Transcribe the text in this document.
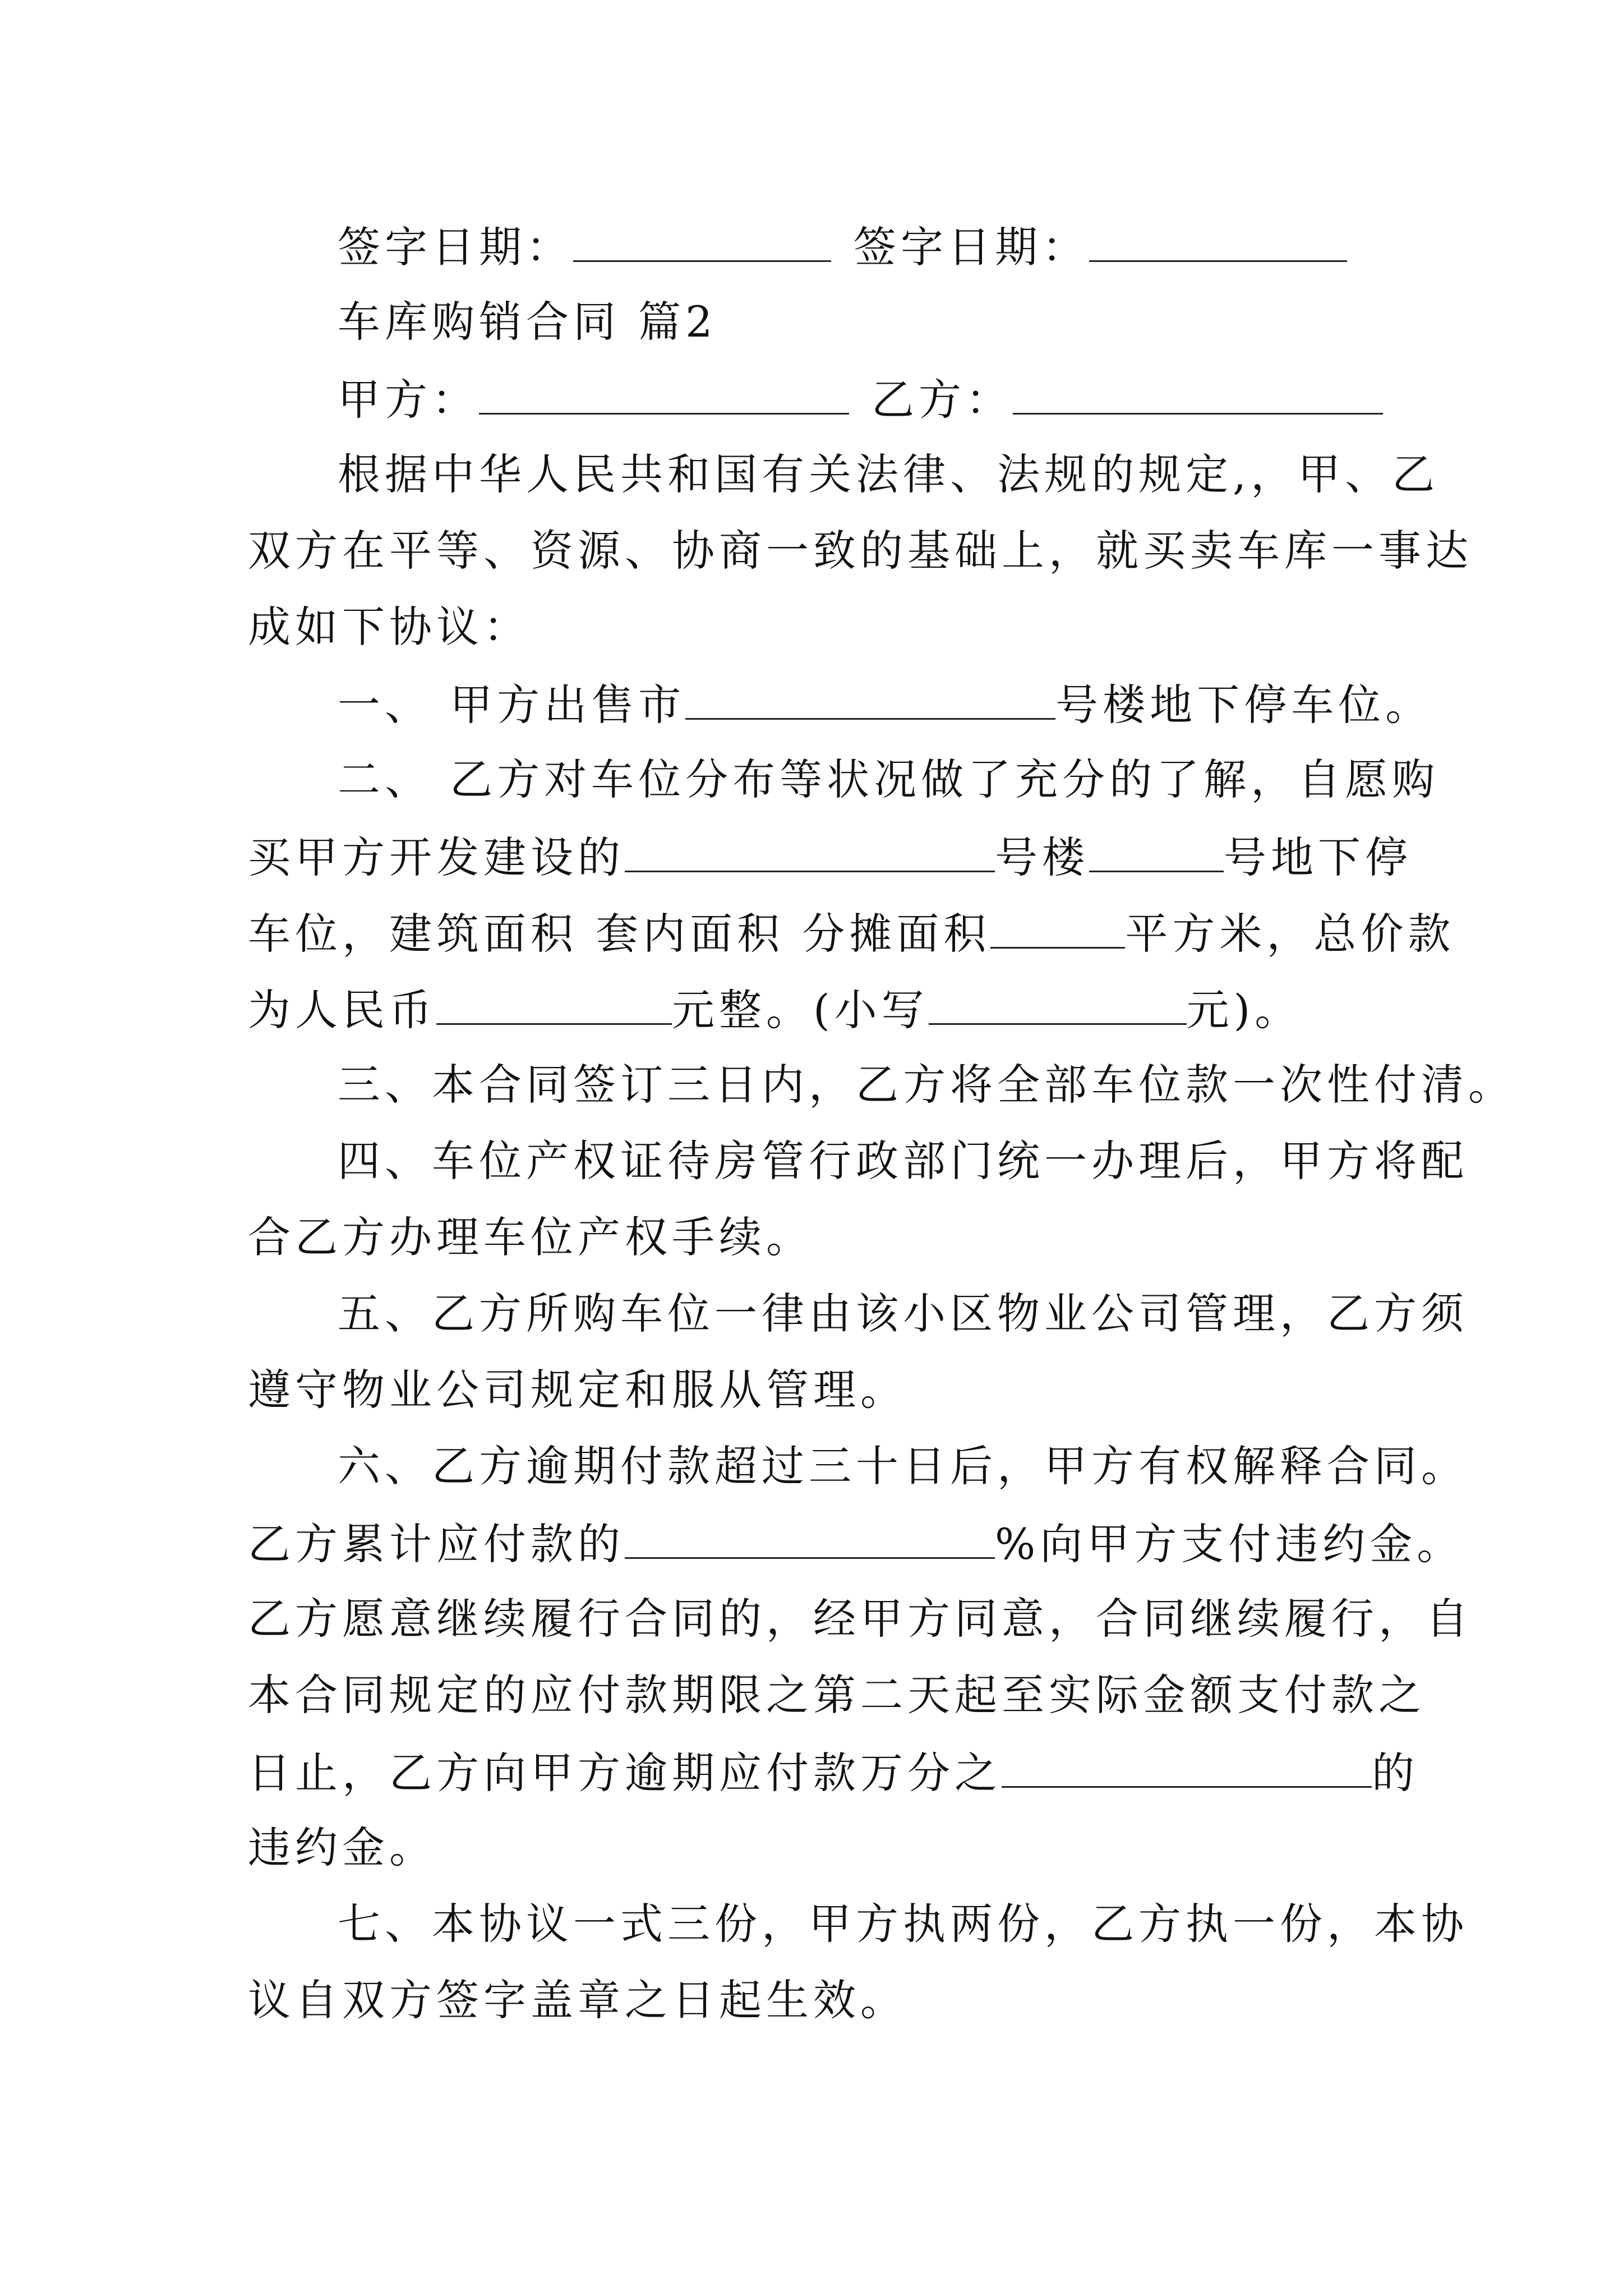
签字日期：	签字日期：
车库购销合同 篇2
甲方：	乙方：
根据中华人民共和国有关法律、法规的规定,，甲、乙
双方在平等、资源、协商一致的基础上，就买卖车库一事达
成如下协议：
一、 甲方出售市	号楼地下停车位。
二、 乙方对车位分布等状况做了充分的了解，自愿购
买甲方开发建设的	号楼	号地下停
车位，建筑面积 套内面积 分摊面积	平方米，总价款
为人民币	元整。(小写	元)。
三、本合同签订三日内，乙方将全部车位款一次性付清。
四、车位产权证待房管行政部门统一办理后，甲方将配
合乙方办理车位产权手续。
五、乙方所购车位一律由该小区物业公司管理，乙方须
遵守物业公司规定和服从管理。
六、乙方逾期付款超过三十日后，甲方有权解释合同。
乙方累计应付款的	%向甲方支付违约金。
乙方愿意继续履行合同的，经甲方同意，合同继续履行，自
本合同规定的应付款期限之第二天起至实际金额支付款之
日止，乙方向甲方逾期应付款万分之	的
违约金。
七、本协议一式三份，甲方执两份，乙方执一份，本协
议自双方签字盖章之日起生效。
